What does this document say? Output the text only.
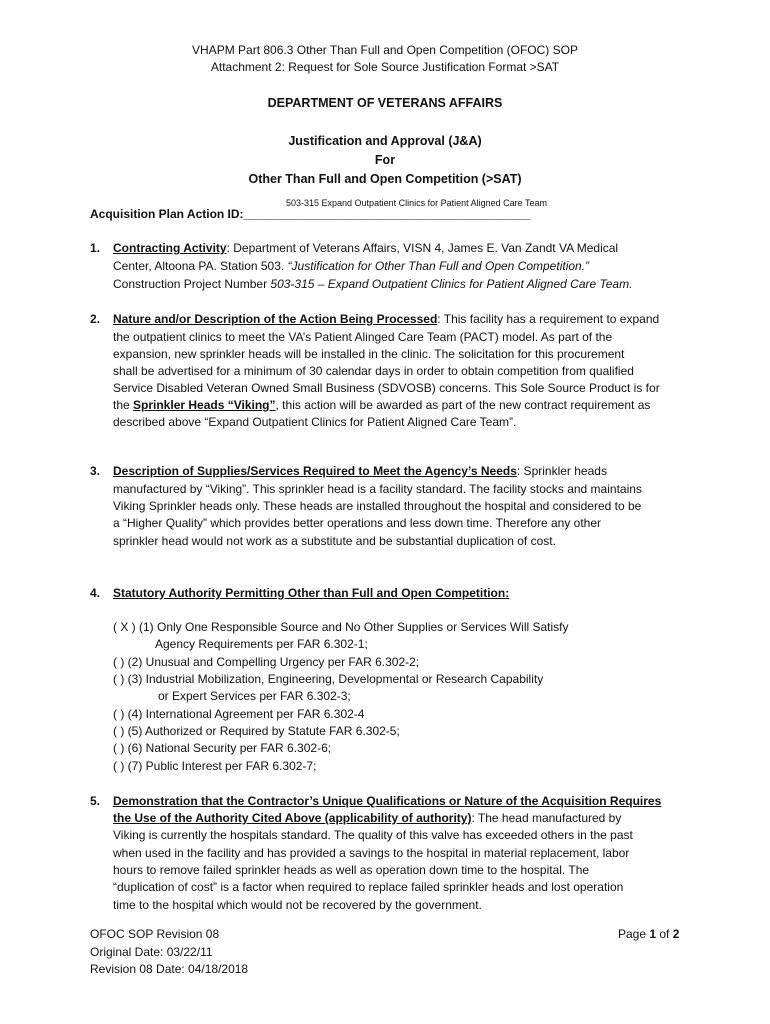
VHAPM Part 806.3 Other Than Full and Open Competition (OFOC) SOP
Attachment 2: Request for Sole Source Justification Format >SAT
DEPARTMENT OF VETERANS AFFAIRS
Justification and Approval (J&A)
For
Other Than Full and Open Competition (>SAT)
503-315 Expand Outpatient Clinics for Patient Aligned Care Team
Acquisition Plan Action ID:___________________________________________
1. Contracting Activity: Department of Veterans Affairs, VISN 4, James E. Van Zandt VA Medical
Center, Altoona PA. Station 503. “Justification for Other Than Full and Open Competition.”
Construction Project Number 503-315 – Expand Outpatient Clinics for Patient Aligned Care Team.
2. Nature and/or Description of the Action Being Processed: This facility has a requirement to expand
the outpatient clinics to meet the VA’s Patient Alinged Care Team (PACT) model. As part of the
expansion, new sprinkler heads will be installed in the clinic. The solicitation for this procurement
shall be advertised for a minimum of 30 calendar days in order to obtain competition from qualified
Service Disabled Veteran Owned Small Business (SDVOSB) concerns. This Sole Source Product is for
the Sprinkler Heads “Viking”, this action will be awarded as part of the new contract requirement as
described above “Expand Outpatient Clinics for Patient Aligned Care Team”.
3. Description of Supplies/Services Required to Meet the Agency’s Needs: Sprinkler heads
manufactured by “Viking”. This sprinkler head is a facility standard. The facility stocks and maintains
Viking Sprinkler heads only. These heads are installed throughout the hospital and considered to be
a “Higher Quality” which provides better operations and less down time. Therefore any other
sprinkler head would not work as a substitute and be substantial duplication of cost.
4. Statutory Authority Permitting Other than Full and Open Competition:
( X ) (1) Only One Responsible Source and No Other Supplies or Services Will Satisfy
Agency Requirements per FAR 6.302-1;
( ) (2) Unusual and Compelling Urgency per FAR 6.302-2;
( ) (3) Industrial Mobilization, Engineering, Developmental or Research Capability
or Expert Services per FAR 6.302-3;
( ) (4) International Agreement per FAR 6.302-4
( ) (5) Authorized or Required by Statute FAR 6.302-5;
( ) (6) National Security per FAR 6.302-6;
( ) (7) Public Interest per FAR 6.302-7;
5. Demonstration that the Contractor’s Unique Qualifications or Nature of the Acquisition Requires
the Use of the Authority Cited Above (applicability of authority): The head manufactured by
Viking is currently the hospitals standard. The quality of this valve has exceeded others in the past
when used in the facility and has provided a savings to the hospital in material replacement, labor
hours to remove failed sprinkler heads as well as operation down time to the hospital. The
“duplication of cost” is a factor when required to replace failed sprinkler heads and lost operation
time to the hospital which would not be recovered by the government.
OFOC SOP Revision 08
Original Date: 03/22/11
Revision 08 Date: 04/18/2018
Page 1 of 2
